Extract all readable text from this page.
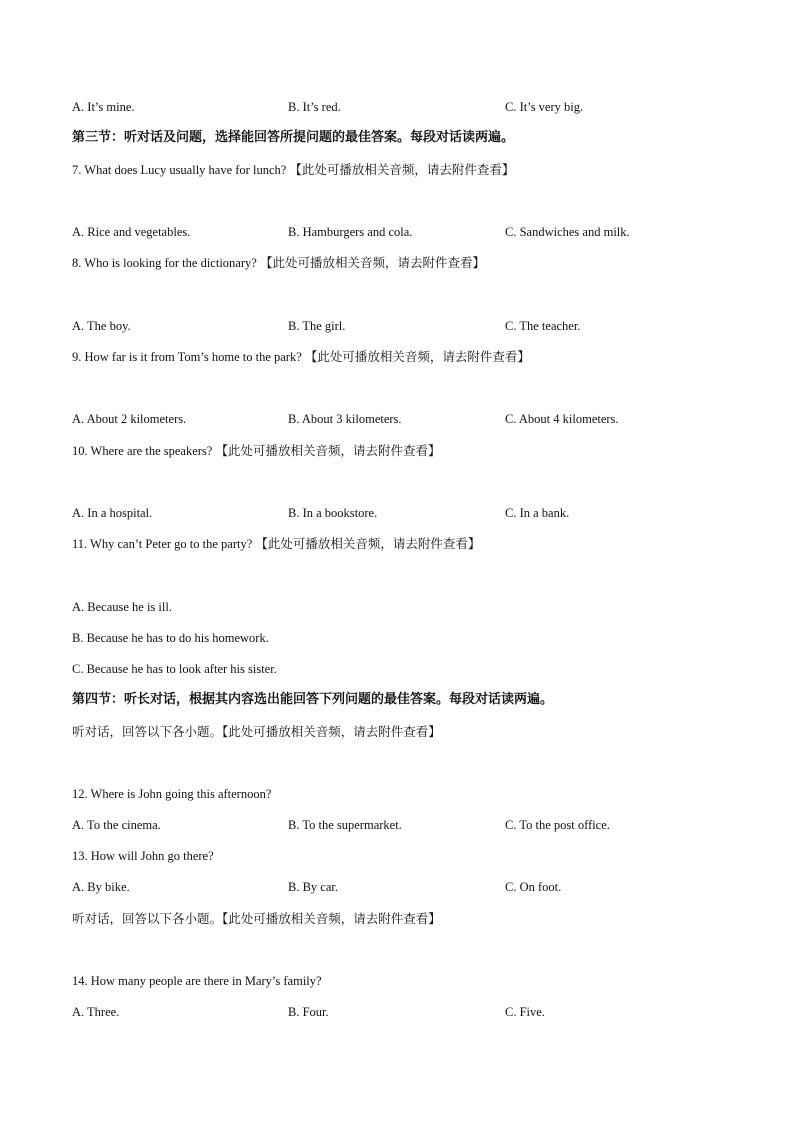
A. It’s mine.	B. It’s red.	C. It’s very big.
第三节：听对话及问题，选择能回答所提问题的最佳答案。每段对话读两遍。
7. What does Lucy usually have for lunch? 【此处可播放相关音频，请去附件查看】
A. Rice and vegetables.	B. Hamburgers and cola.	C. Sandwiches and milk.
8. Who is looking for the dictionary? 【此处可播放相关音频，请去附件查看】
A. The boy.	B. The girl.	C. The teacher.
9. How far is it from Tom’s home to the park? 【此处可播放相关音频，请去附件查看】
A. About 2 kilometers.	B. About 3 kilometers.	C. About 4 kilometers.
10. Where are the speakers? 【此处可播放相关音频，请去附件查看】
A. In a hospital.	B. In a bookstore.	C. In a bank.
11. Why can’t Peter go to the party? 【此处可播放相关音频，请去附件查看】
A. Because he is ill.
B. Because he has to do his homework.
C. Because he has to look after his sister.
第四节：听长对话，根据其内容选出能回答下列问题的最佳答案。每段对话读两遍。
听对话，回答以下各小题。【此处可播放相关音频，请去附件查看】
12. Where is John going this afternoon?
A. To the cinema.	B. To the supermarket.	C. To the post office.
13. How will John go there?
A. By bike.	B. By car.	C. On foot.
听对话，回答以下各小题。【此处可播放相关音频，请去附件查看】
14. How many people are there in Mary’s family?
A. Three.	B. Four.	C. Five.
